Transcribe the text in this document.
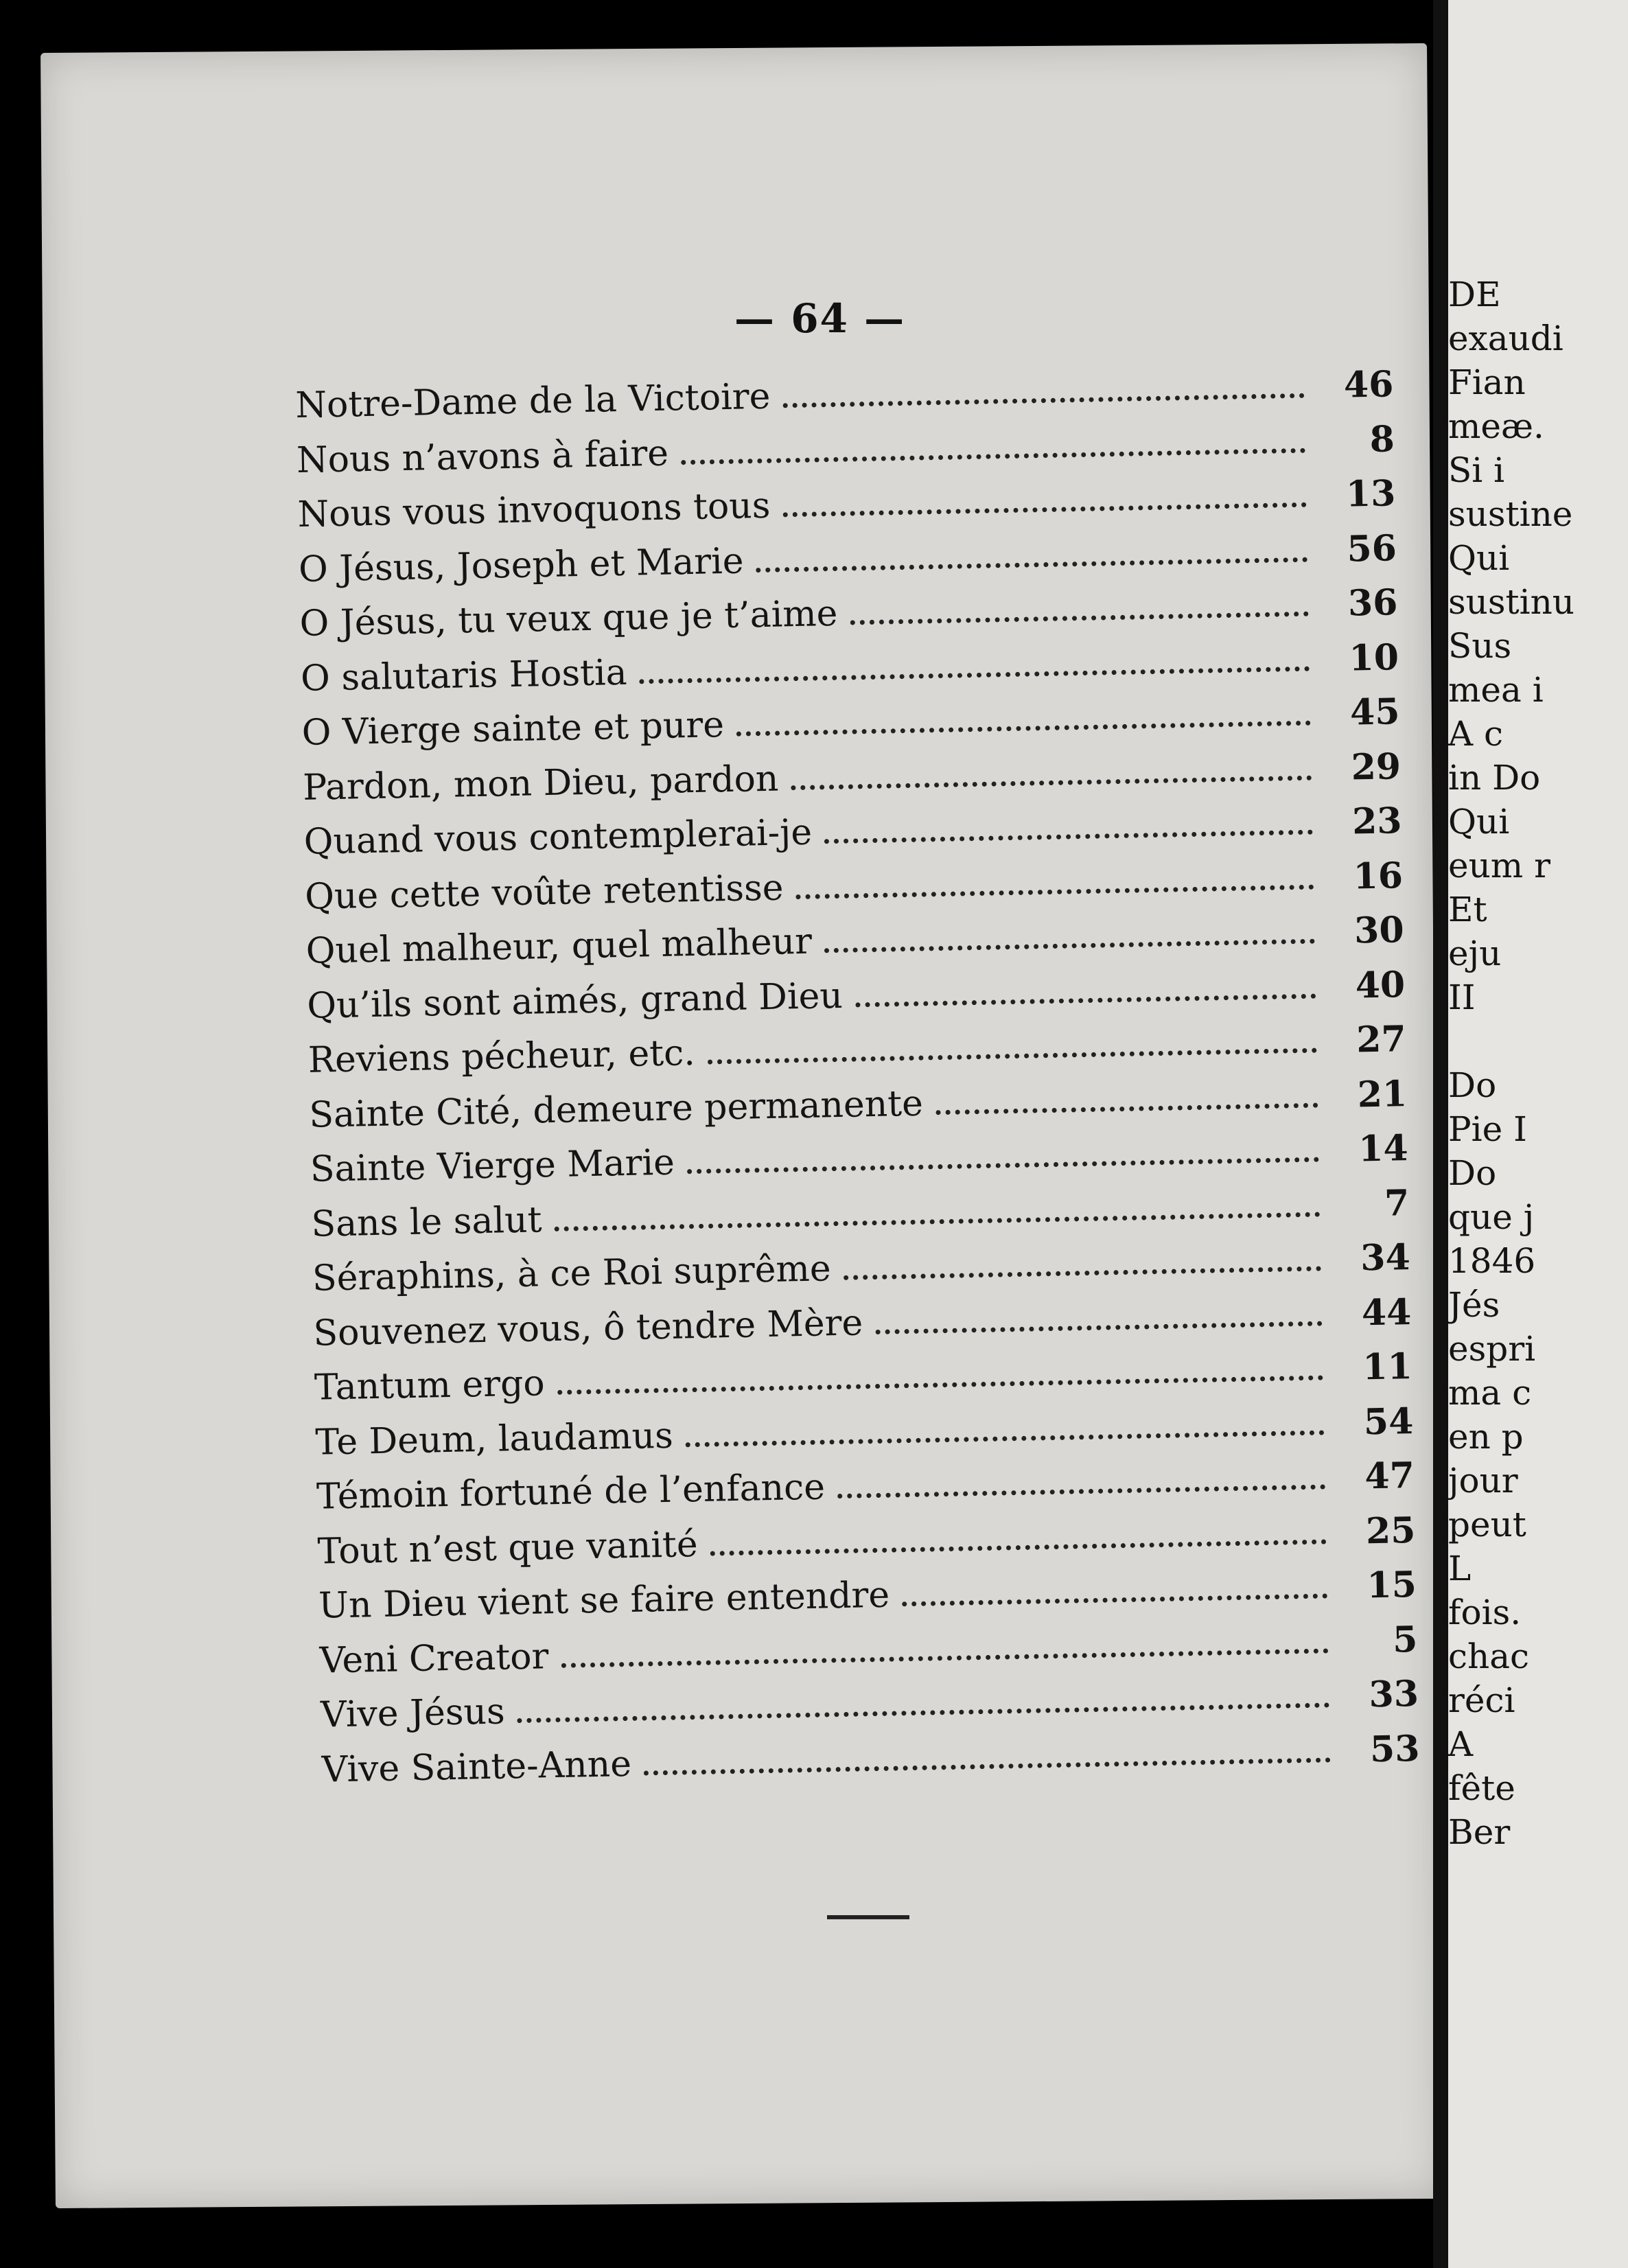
DE
exaudi
Fian
meæ.
Si i
sustine
Qui
sustinu
Sus
mea i
A c
in Do
Qui
eum r
Et
eju
II
Do
Pie I
Do
que j
1846
Jés
espri
ma c
en p
jour
peut
L
fois.
chac
réci
A
fête
Ber
— 64 —
Notre-Dame de la Victoire	46
Nous n’avons à faire	8
Nous vous invoquons tous	13
O Jésus, Joseph et Marie	56
O Jésus, tu veux que je t’aime	36
O salutaris Hostia	10
O Vierge sainte et pure	45
Pardon, mon Dieu, pardon	29
Quand vous contemplerai-je	23
Que cette voûte retentisse	16
Quel malheur, quel malheur	30
Qu’ils sont aimés, grand Dieu	40
Reviens pécheur, etc.	27
Sainte Cité, demeure permanente	21
Sainte Vierge Marie	14
Sans le salut	7
Séraphins, à ce Roi suprême	34
Souvenez vous, ô tendre Mère	44
Tantum ergo	11
Te Deum, laudamus	54
Témoin fortuné de l’enfance	47
Tout n’est que vanité	25
Un Dieu vient se faire entendre	15
Veni Creator	5
Vive Jésus	33
Vive Sainte-Anne	53
